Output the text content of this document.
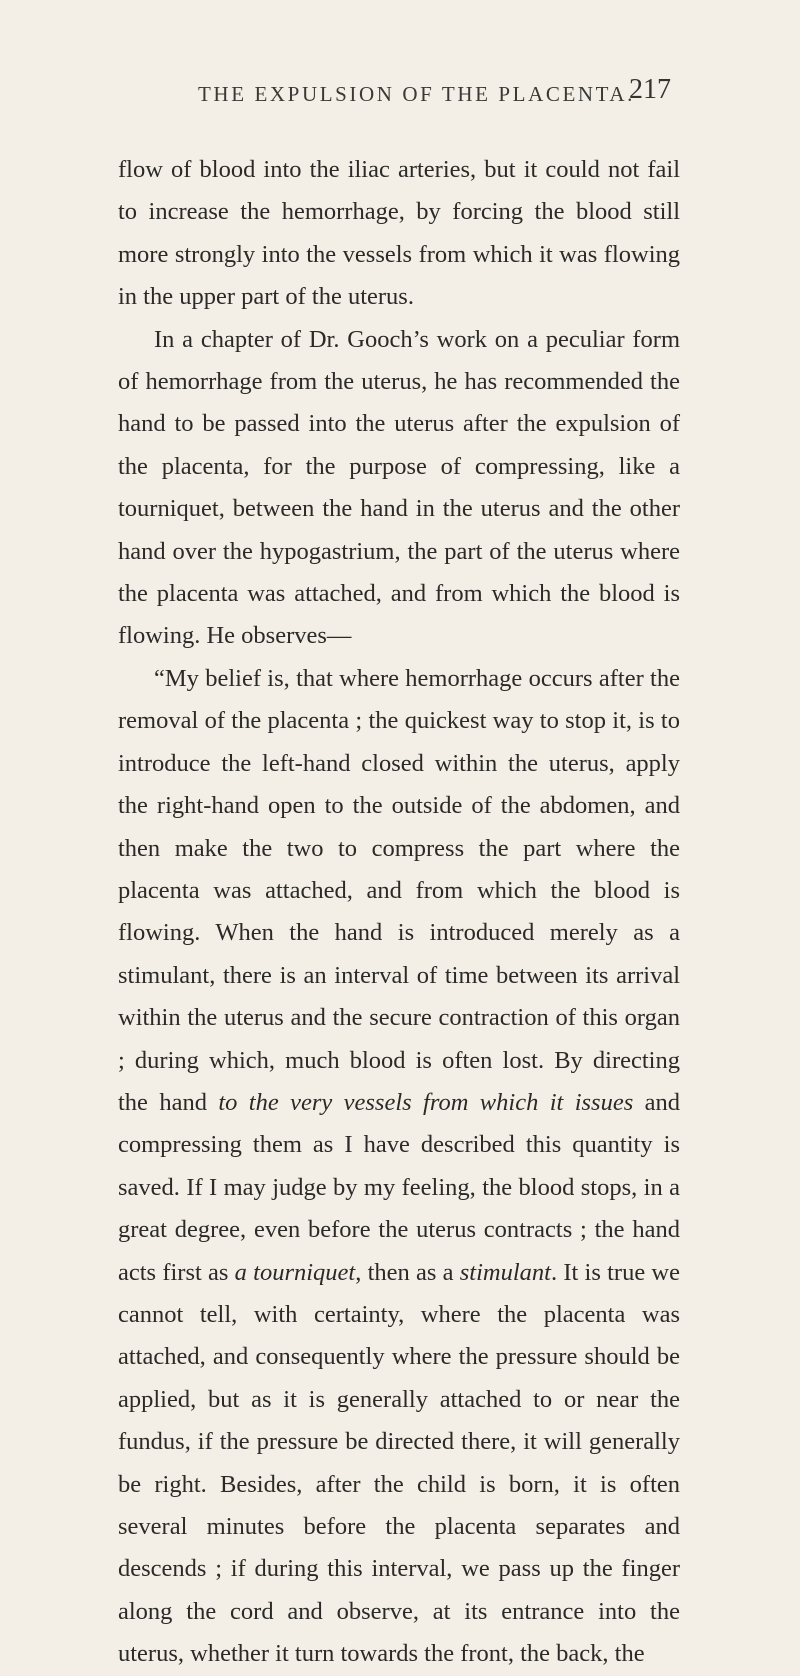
THE EXPULSION OF THE PLACENTA.
217

flow of blood into the iliac arteries, but it could not fail to increase the hemorrhage, by forcing the blood still more strongly into the vessels from which it was flowing in the upper part of the uterus.

In a chapter of Dr. Gooch’s work on a peculiar form of hemorrhage from the uterus, he has recommended the hand to be passed into the uterus after the expulsion of the placenta, for the purpose of compressing, like a tourniquet, between the hand in the uterus and the other hand over the hypogastrium, the part of the uterus where the placenta was attached, and from which the blood is flowing. He observes—

“My belief is, that where hemorrhage occurs after the removal of the placenta ; the quickest way to stop it, is to introduce the left-hand closed within the uterus, apply the right-hand open to the outside of the abdomen, and then make the two to compress the part where the placenta was attached, and from which the blood is flowing. When the hand is introduced merely as a stimulant, there is an interval of time between its arrival within the uterus and the secure contraction of this organ ; during which, much blood is often lost. By directing the hand to the very vessels from which it issues and compressing them as I have described this quantity is saved. If I may judge by my feeling, the blood stops, in a great degree, even before the uterus contracts ; the hand acts first as a tourniquet, then as a stimulant. It is true we cannot tell, with certainty, where the placenta was attached, and consequently where the pressure should be applied, but as it is generally attached to or near the fundus, if the pressure be directed there, it will generally be right. Besides, after the child is born, it is often several minutes before the placenta separates and descends ; if during this interval, we pass up the finger along the cord and observe, at its entrance into the uterus, whether it turn towards the front, the back, the
